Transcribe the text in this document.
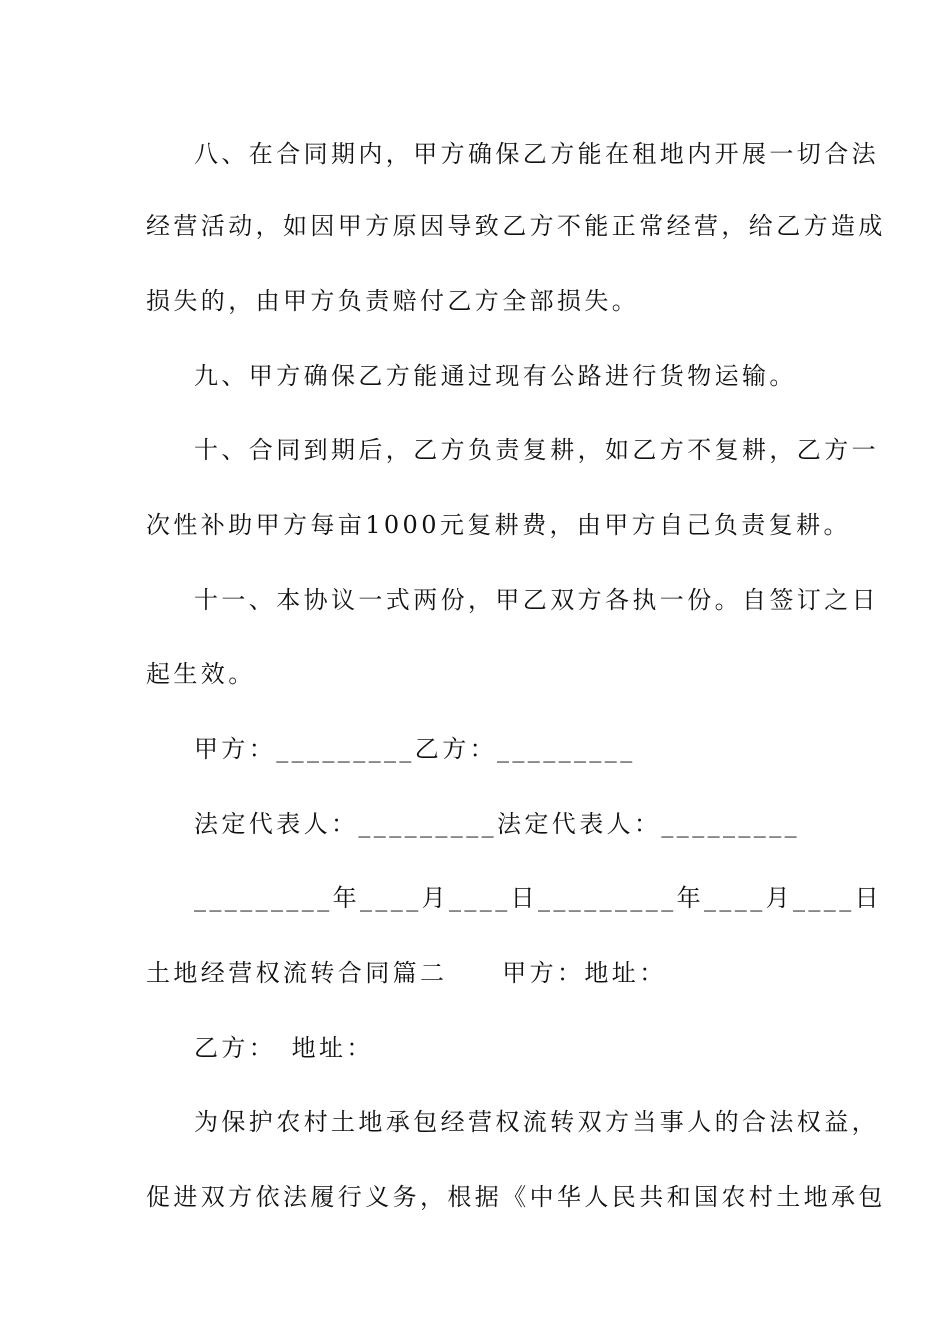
八、在合同期内，甲方确保乙方能在租地内开展一切合法
经营活动，如因甲方原因导致乙方不能正常经营，给乙方造成
损失的，由甲方负责赔付乙方全部损失。
九、甲方确保乙方能通过现有公路进行货物运输。
十、合同到期后，乙方负责复耕，如乙方不复耕，乙方一
次性补助甲方每亩1000元复耕费，由甲方自己负责复耕。
十一、本协议一式两份，甲乙双方各执一份。自签订之日
起生效。
甲方：_________乙方：_________
法定代表人：_________法定代表人：_________
_________年____月____日_________年____月____日
土地经营权流转合同篇二　　甲方：地址：
乙方：　地址：
为保护农村土地承包经营权流转双方当事人的合法权益，
促进双方依法履行义务，根据《中华人民共和国农村土地承包
